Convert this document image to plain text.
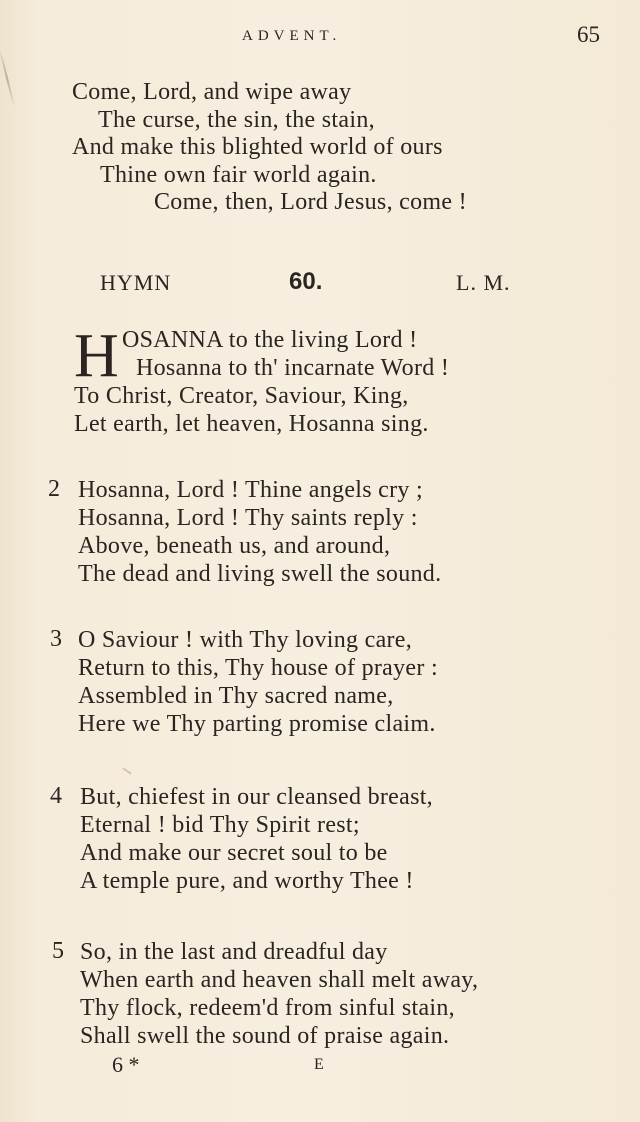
ADVENT.	65
Come, Lord, and wipe away
The curse, the sin, the stain,
And make this blighted world of ours
Thine own fair world again.
Come, then, Lord Jesus, come !
HYMN	60.	L. M.
H OSANNA to the living Lord !
Hosanna to th' incarnate Word !
To Christ, Creator, Saviour, King,
Let earth, let heaven, Hosanna sing.
2 Hosanna, Lord ! Thine angels cry ;
Hosanna, Lord ! Thy saints reply :
Above, beneath us, and around,
The dead and living swell the sound.
3 O Saviour ! with Thy loving care,
Return to this, Thy house of prayer :
Assembled in Thy sacred name,
Here we Thy parting promise claim.
4 But, chiefest in our cleansed breast,
Eternal ! bid Thy Spirit rest;
And make our secret soul to be
A temple pure, and worthy Thee !
5 So, in the last and dreadful day
When earth and heaven shall melt away,
Thy flock, redeem'd from sinful stain,
Shall swell the sound of praise again.
6 *	E
